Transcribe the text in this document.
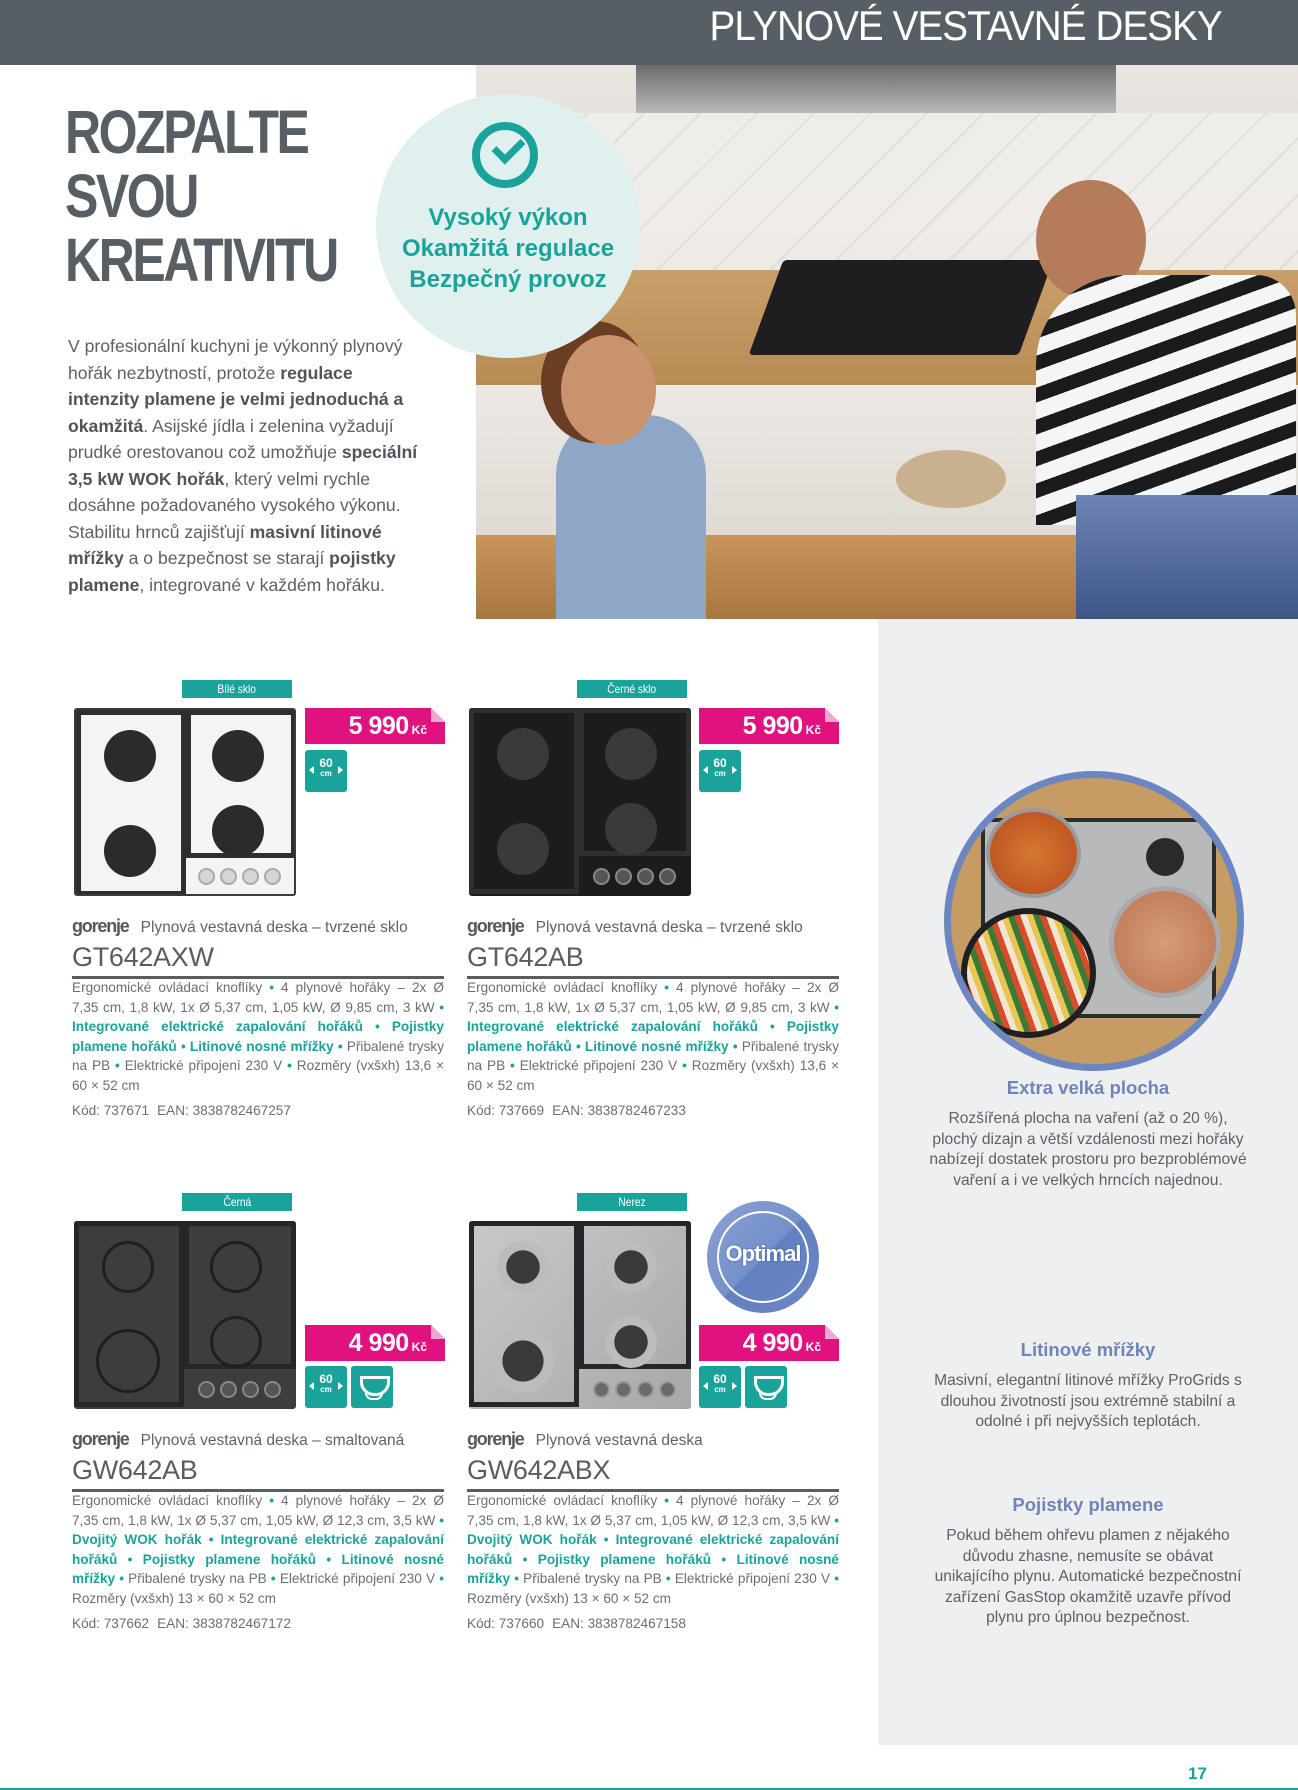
PLYNOVÉ VESTAVNÉ DESKY
ROZPALTE
SVOU
KREATIVITU
Vysoký výkon
Okamžitá regulace
Bezpečný provoz
V profesionální kuchyni je výkonný plynový hořák nezbytností, protože regulace intenzity plamene je velmi jednoduchá a okamžitá. Asijské jídla i zelenina vyžadují prudké orestovanou což umožňuje speciální 3,5 kW WOK hořák, který velmi rychle dosáhne požadovaného vysokého výkonu. Stabilitu hrnců zajišťují masivní litinové mřížky a o bezpečnost se starají pojistky plamene, integrované v každém hořáku.
Extra velká plocha
Rozšířená plocha na vaření (až o 20 %), plochý dizajn a větší vzdálenosti mezi hořáky nabízejí dostatek prostoru pro bezproblémové vaření a i ve velkých hrncích najednou.
Litinové mřížky
Masivní, elegantní litinové mřížky ProGrids s dlouhou životností jsou extrémně stabilní a odolné i při nejvyšších teplotách.
Pojistky plamene
Pokud během ohřevu plamen z nějakého důvodu zhasne, nemusíte se obávat unikajícího plynu. Automatické bezpečnostní zařízení GasStop okamžitě uzavře přívod plynu pro úplnou bezpečnost.
Bílé sklo
5 990 Kč
60
cm
gorenje Plynová vestavná deska – tvrzené sklo
GT642AXW
Ergonomické ovládací knoflíky • 4 plynové hořáky – 2x Ø 7,35 cm, 1,8 kW, 1x Ø 5,37 cm, 1,05 kW, Ø 9,85 cm, 3 kW • Integrované elektrické zapalování hořáků • Pojistky plamene hořáků • Litinové nosné mřížky • Přibalené trysky na PB • Elektrické připojení 230 V • Rozměry (vxšxh) 13,6 × 60 × 52 cm
Kód: 737671 EAN: 3838782467257
Černé sklo
5 990 Kč
60
cm
gorenje Plynová vestavná deska – tvrzené sklo
GT642AB
Ergonomické ovládací knoflíky • 4 plynové hořáky – 2x Ø 7,35 cm, 1,8 kW, 1x Ø 5,37 cm, 1,05 kW, Ø 9,85 cm, 3 kW • Integrované elektrické zapalování hořáků • Pojistky plamene hořáků • Litinové nosné mřížky • Přibalené trysky na PB • Elektrické připojení 230 V • Rozměry (vxšxh) 13,6 × 60 × 52 cm
Kód: 737669 EAN: 3838782467233
Černá
4 990 Kč
60
cm
gorenje Plynová vestavná deska – smaltovaná
GW642AB
Ergonomické ovládací knoflíky • 4 plynové hořáky – 2x Ø 7,35 cm, 1,8 kW, 1x Ø 5,37 cm, 1,05 kW, Ø 12,3 cm, 3,5 kW • Dvojitý WOK hořák • Integrované elektrické zapalování hořáků • Pojistky plamene hořáků • Litinové nosné mřížky • Přibalené trysky na PB • Elektrické připojení 230 V • Rozměry (vxšxh) 13 × 60 × 52 cm
Kód: 737662 EAN: 3838782467172
Nerez
Optimal
4 990 Kč
60
cm
gorenje Plynová vestavná deska
GW642ABX
Ergonomické ovládací knoflíky • 4 plynové hořáky – 2x Ø 7,35 cm, 1,8 kW, 1x Ø 5,37 cm, 1,05 kW, Ø 12,3 cm, 3,5 kW • Dvojitý WOK hořák • Integrované elektrické zapalování hořáků • Pojistky plamene hořáků • Litinové nosné mřížky • Přibalené trysky na PB • Elektrické připojení 230 V • Rozměry (vxšxh) 13 × 60 × 52 cm
Kód: 737660 EAN: 3838782467158
17
